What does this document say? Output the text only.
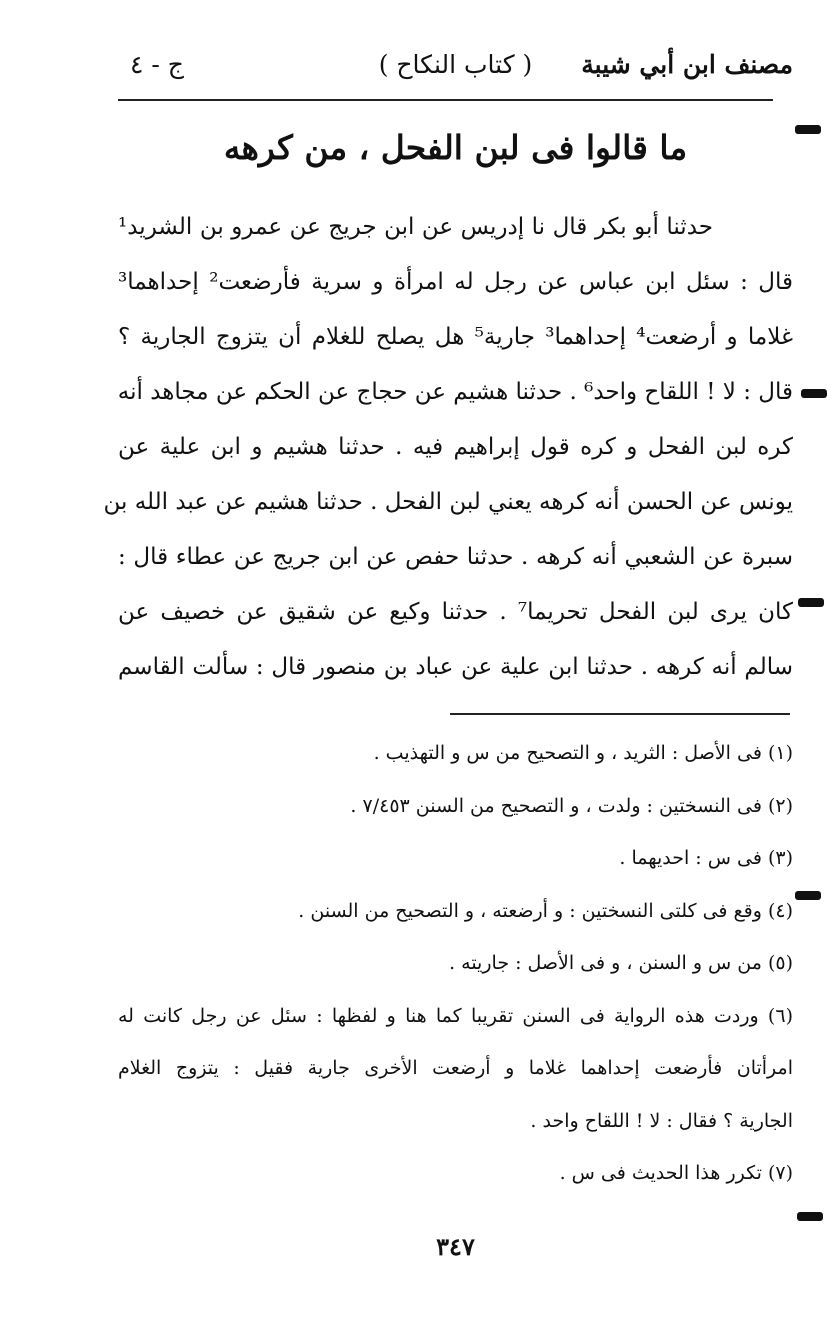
مصنف ابن أبي شيبة
( كتاب النكاح )
ج - ٤
ما قالوا فى لبن الفحل ، من كرهه
حدثنا أبو بكر قال نا إدريس عن ابن جريج عن عمرو بن الشريد¹
قال : سئل ابن عباس عن رجل له امرأة و سرية فأرضعت² إحداهما³
غلاما و أرضعت⁴ إحداهما³ جارية⁵ هل يصلح للغلام أن يتزوج الجارية ؟
قال : لا ! اللقاح واحد⁶ . حدثنا هشيم عن حجاج عن الحكم عن مجاهد أنه
كره لبن الفحل و كره قول إبراهيم فيه . حدثنا هشيم و ابن علية عن
يونس عن الحسن أنه كرهه يعني لبن الفحل . حدثنا هشيم عن عبد الله بن
سبرة عن الشعبي أنه كرهه . حدثنا حفص عن ابن جريج عن عطاء قال :
كان يرى لبن الفحل تحريما⁷ . حدثنا وكيع عن شقيق عن خصيف عن
سالم أنه كرهه . حدثنا ابن علية عن عباد بن منصور قال : سألت القاسم
(١) فى الأصل : الثريد ، و التصحيح من س و التهذيب .
(٢) فى النسختين : ولدت ، و التصحيح من السنن ٧/٤٥٣ .
(٣) فى س : احديهما .
(٤) وقع فى كلتى النسختين : و أرضعته ، و التصحيح من السنن .
(٥) من س و السنن ، و فى الأصل : جاريته .
(٦) وردت هذه الرواية فى السنن تقريبا كما هنا و لفظها : سئل عن رجل كانت له
امرأتان فأرضعت إحداهما غلاما و أرضعت الأخرى جارية فقيل : يتزوج الغلام
الجارية ؟ فقال : لا ! اللقاح واحد .
(٧) تكرر هذا الحديث فى س .
٣٤٧
